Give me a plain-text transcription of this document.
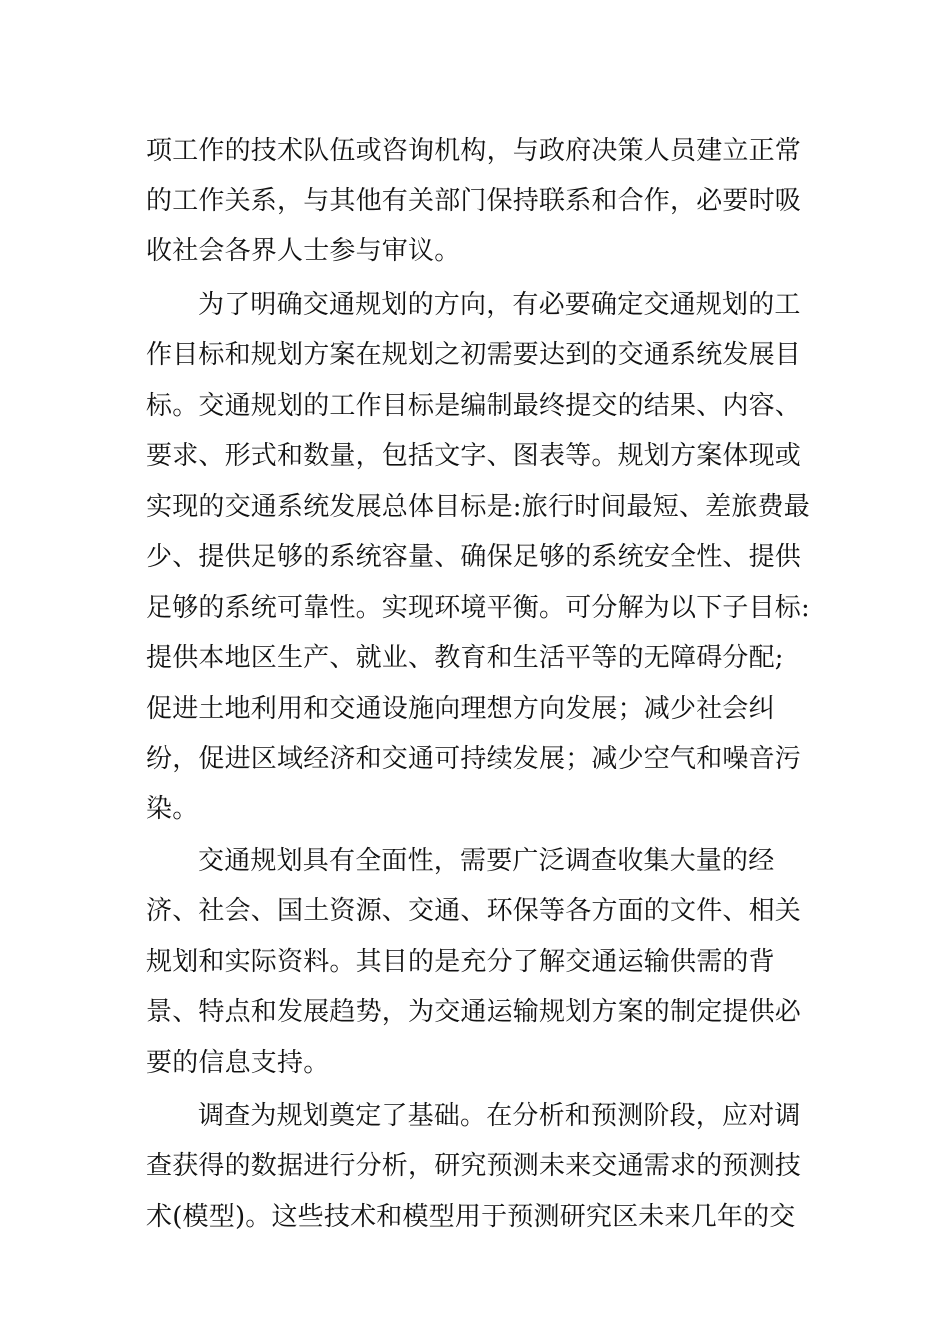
项工作的技术队伍或咨询机构，与政府决策人员建立正常
的工作关系，与其他有关部门保持联系和合作，必要时吸
收社会各界人士参与审议。
为了明确交通规划的方向，有必要确定交通规划的工
作目标和规划方案在规划之初需要达到的交通系统发展目
标。交通规划的工作目标是编制最终提交的结果、内容、
要求、形式和数量，包括文字、图表等。规划方案体现或
实现的交通系统发展总体目标是:旅行时间最短、差旅费最
少、提供足够的系统容量、确保足够的系统安全性、提供
足够的系统可靠性。实现环境平衡。可分解为以下子目标:
提供本地区生产、就业、教育和生活平等的无障碍分配;
促进土地利用和交通设施向理想方向发展；减少社会纠
纷，促进区域经济和交通可持续发展；减少空气和噪音污
染。
交通规划具有全面性，需要广泛调查收集大量的经
济、社会、国土资源、交通、环保等各方面的文件、相关
规划和实际资料。其目的是充分了解交通运输供需的背
景、特点和发展趋势，为交通运输规划方案的制定提供必
要的信息支持。
调查为规划奠定了基础。在分析和预测阶段，应对调
查获得的数据进行分析，研究预测未来交通需求的预测技
术(模型)。这些技术和模型用于预测研究区未来几年的交
